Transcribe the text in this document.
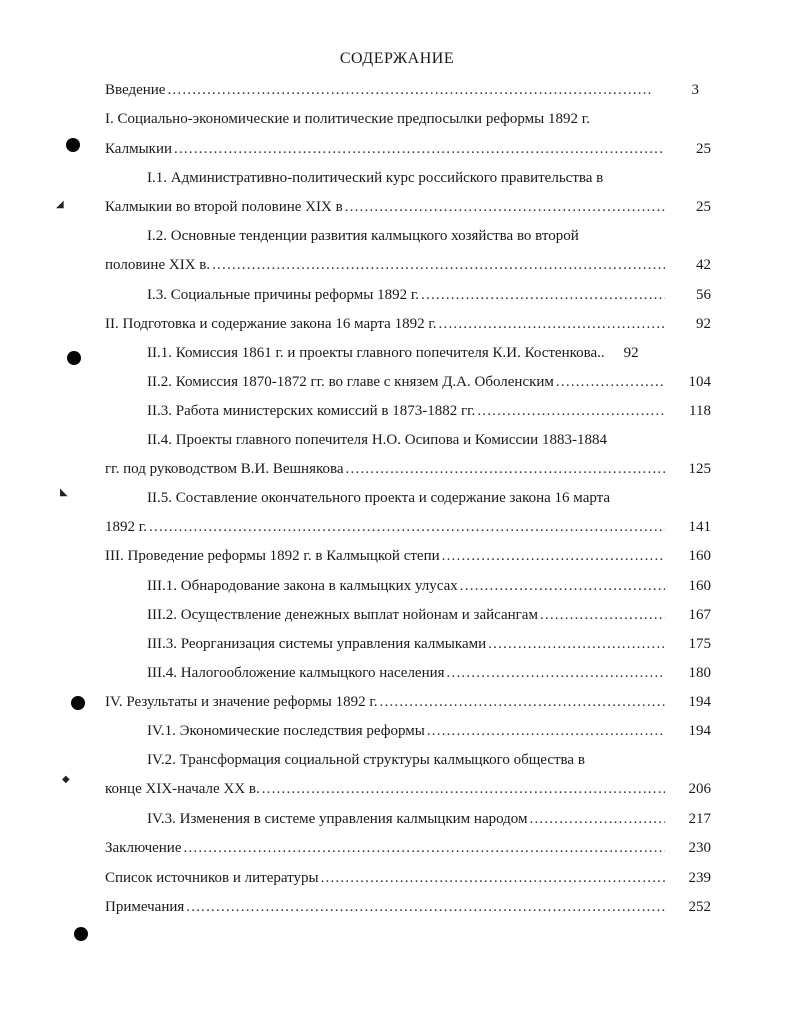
СОДЕРЖАНИЕ
Введение .....	3
I. Социально-экономические и политические предпосылки реформы 1892 г.
Калмыкии .....	25
I.1. Административно-политический курс российского правительства в
Калмыкии во второй половине XIX в .....	25
I.2. Основные тенденции развития калмыцкого хозяйства во второй
половине XIX в. .....	42
I.3. Социальные причины реформы 1892 г. .....	56
II. Подготовка и содержание закона 16 марта 1892 г. .....	92
II.1. Комиссия 1861 г. и проекты главного попечителя К.И. Костенкова..	92
II.2. Комиссия 1870-1872 гг. во главе с князем Д.А. Оболенским .....	104
II.3. Работа министерских комиссий в 1873-1882 гг. .....	118
II.4. Проекты главного попечителя Н.О. Осипова и Комиссии 1883-1884
гг. под руководством В.И. Вешнякова .....	125
II.5. Составление окончательного проекта и содержание закона 16 марта
1892 г. .....	141
III. Проведение реформы 1892 г. в Калмыцкой степи .....	160
III.1. Обнародование закона в калмыцких улусах .....	160
III.2. Осуществление денежных выплат нойонам и зайсангам .....	167
III.3. Реорганизация системы управления калмыками .....	175
III.4. Налогообложение калмыцкого населения .....	180
IV. Результаты и значение реформы 1892 г. .....	194
IV.1. Экономические последствия реформы .....	194
IV.2. Трансформация социальной структуры калмыцкого общества в
конце XIX-начале XX в. .....	206
IV.3. Изменения в системе управления калмыцким народом .....	217
Заключение .....	230
Список источников и литературы .....	239
Примечания .....	252
◢
◣
◆
